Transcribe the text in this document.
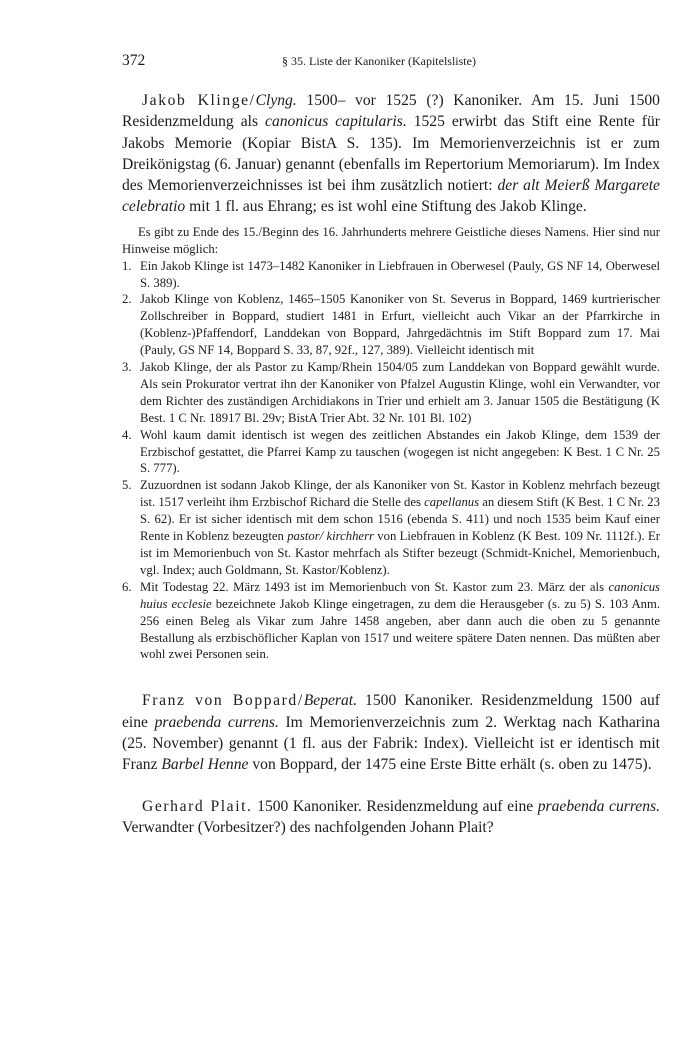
372	§ 35. Liste der Kanoniker (Kapitelsliste)

Jakob Klinge/Clyng. 1500– vor 1525 (?) Kanoniker. Am 15. Juni 1500 Residenzmeldung als canonicus capitularis. 1525 erwirbt das Stift eine Rente für Jakobs Memorie (Kopiar BistA S. 135). Im Memorienverzeichnis ist er zum Dreikönigstag (6. Januar) genannt (ebenfalls im Repertorium Memoriarum). Im Index des Memorienverzeichnisses ist bei ihm zusätzlich notiert: der alt Meierß Margarete celebratio mit 1 fl. aus Ehrang; es ist wohl eine Stiftung des Jakob Klinge.

Es gibt zu Ende des 15./Beginn des 16. Jahrhunderts mehrere Geistliche dieses Namens. Hier sind nur Hinweise möglich:

1. Ein Jakob Klinge ist 1473–1482 Kanoniker in Liebfrauen in Oberwesel (Pauly, GS NF 14, Oberwesel S. 389).
2. Jakob Klinge von Koblenz, 1465–1505 Kanoniker von St. Severus in Boppard, 1469 kurtrierischer Zollschreiber in Boppard, studiert 1481 in Erfurt, vielleicht auch Vikar an der Pfarrkirche in (Koblenz-)Pfaffendorf, Landdekan von Boppard, Jahrgedächtnis im Stift Boppard zum 17. Mai (Pauly, GS NF 14, Boppard S. 33, 87, 92f., 127, 389). Vielleicht identisch mit
3. Jakob Klinge, der als Pastor zu Kamp/Rhein 1504/05 zum Landdekan von Boppard gewählt wurde. Als sein Prokurator vertrat ihn der Kanoniker von Pfalzel Augustin Klinge, wohl ein Verwandter, vor dem Richter des zuständigen Archidiakons in Trier und erhielt am 3. Januar 1505 die Bestätigung (K Best. 1 C Nr. 18917 Bl. 29v; BistA Trier Abt. 32 Nr. 101 Bl. 102)
4. Wohl kaum damit identisch ist wegen des zeitlichen Abstandes ein Jakob Klinge, dem 1539 der Erzbischof gestattet, die Pfarrei Kamp zu tauschen (wogegen ist nicht angegeben: K Best. 1 C Nr. 25 S. 777).
5. Zuzuordnen ist sodann Jakob Klinge, der als Kanoniker von St. Kastor in Koblenz mehrfach bezeugt ist. 1517 verleiht ihm Erzbischof Richard die Stelle des capellanus an diesem Stift (K Best. 1 C Nr. 23 S. 62). Er ist sicher identisch mit dem schon 1516 (ebenda S. 411) und noch 1535 beim Kauf einer Rente in Koblenz bezeugten pastor/ kirchherr von Liebfrauen in Koblenz (K Best. 109 Nr. 1112f.). Er ist im Memorienbuch von St. Kastor mehrfach als Stifter bezeugt (Schmidt-Knichel, Memorienbuch, vgl. Index; auch Goldmann, St. Kastor/Koblenz).
6. Mit Todestag 22. März 1493 ist im Memorienbuch von St. Kastor zum 23. März der als canonicus huius ecclesie bezeichnete Jakob Klinge eingetragen, zu dem die Herausgeber (s. zu 5) S. 103 Anm. 256 einen Beleg als Vikar zum Jahre 1458 angeben, aber dann auch die oben zu 5 genannte Bestallung als erzbischöflicher Kaplan von 1517 und weitere spätere Daten nennen. Das müßten aber wohl zwei Personen sein.

Franz von Boppard/Beperat. 1500 Kanoniker. Residenzmeldung 1500 auf eine praebenda currens. Im Memorienverzeichnis zum 2. Werktag nach Katharina (25. November) genannt (1 fl. aus der Fabrik: Index). Vielleicht ist er identisch mit Franz Barbel Henne von Boppard, der 1475 eine Erste Bitte erhält (s. oben zu 1475).

Gerhard Plait. 1500 Kanoniker. Residenzmeldung auf eine praebenda currens. Verwandter (Vorbesitzer?) des nachfolgenden Johann Plait?
